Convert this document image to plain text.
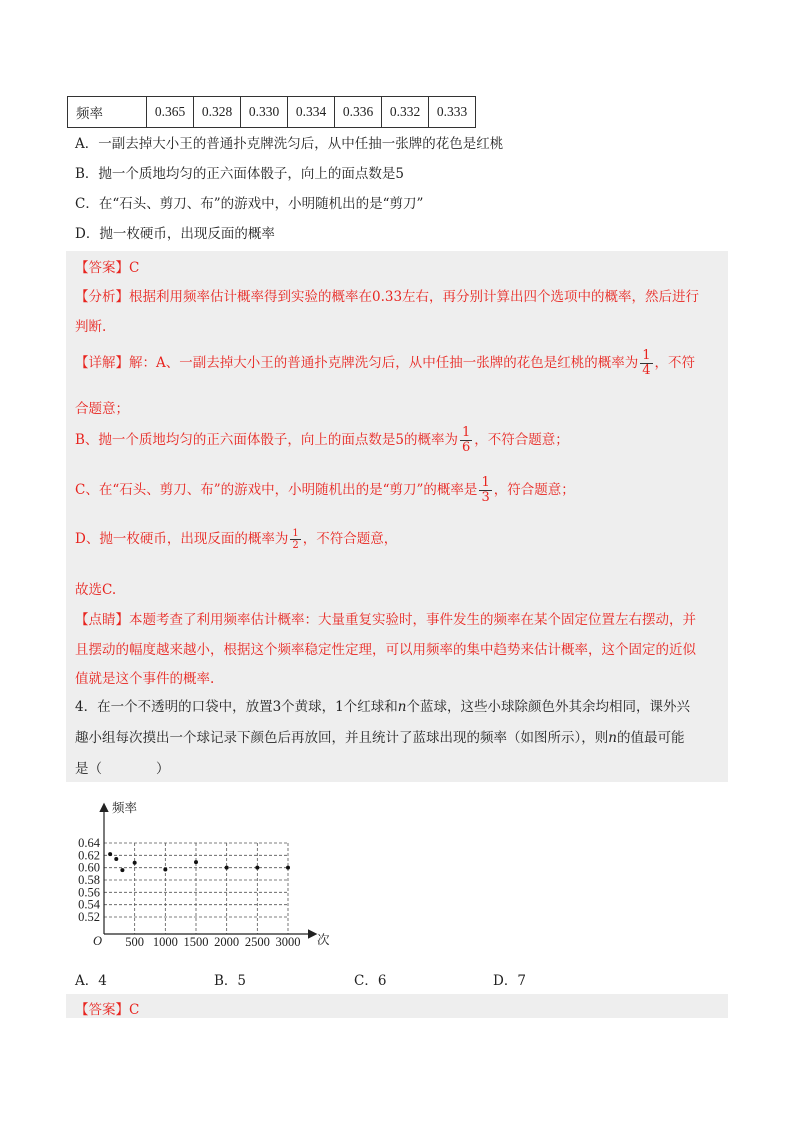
频率	0.365	0.328	0.330	0.334	0.336	0.332	0.333
A．一副去掉大小王的普通扑克牌洗匀后，从中任抽一张牌的花色是红桃
B．抛一个质地均匀的正六面体骰子，向上的面点数是5
C．在“石头、剪刀、布”的游戏中，小明随机出的是“剪刀”
D．抛一枚硬币，出现反面的概率
【答案】C
【分析】根据利用频率估计概率得到实验的概率在0.33左右，再分别计算出四个选项中的概率，然后进行
判断.
【详解】解：A、一副去掉大小王的普通扑克牌洗匀后，从中任抽一张牌的花色是红桃的概率为 $\frac{1}{4}$ ，不符
合题意；
B、抛一个质地均匀的正六面体骰子，向上的面点数是5的概率为 $\frac{1}{6}$ ，不符合题意；
C、在“石头、剪刀、布”的游戏中，小明随机出的是“剪刀”的概率是 $\frac{1}{3}$ ，符合题意；
D、抛一枚硬币，出现反面的概率为 $\frac{1}{2}$ ，不符合题意，
故选C.
【点睛】本题考查了利用频率估计概率：大量重复实验时，事件发生的频率在某个固定位置左右摆动，并
且摆动的幅度越来越小，根据这个频率稳定性定理，可以用频率的集中趋势来估计概率，这个固定的近似
值就是这个事件的概率.
4．在一个不透明的口袋中，放置3个黄球，1个红球和n个蓝球，这些小球除颜色外其余均相同，课外兴
趣小组每次摸出一个球记录下颜色后再放回，并且统计了蓝球出现的频率（如图所示），则n的值最可能
是（　　　　）
频率
次
O
0.52
0.54
0.56
0.58
0.60
0.62
0.64
500 1000 1500 2000 2500 3000
A．4	B．5	C．6	D．7
【答案】C
